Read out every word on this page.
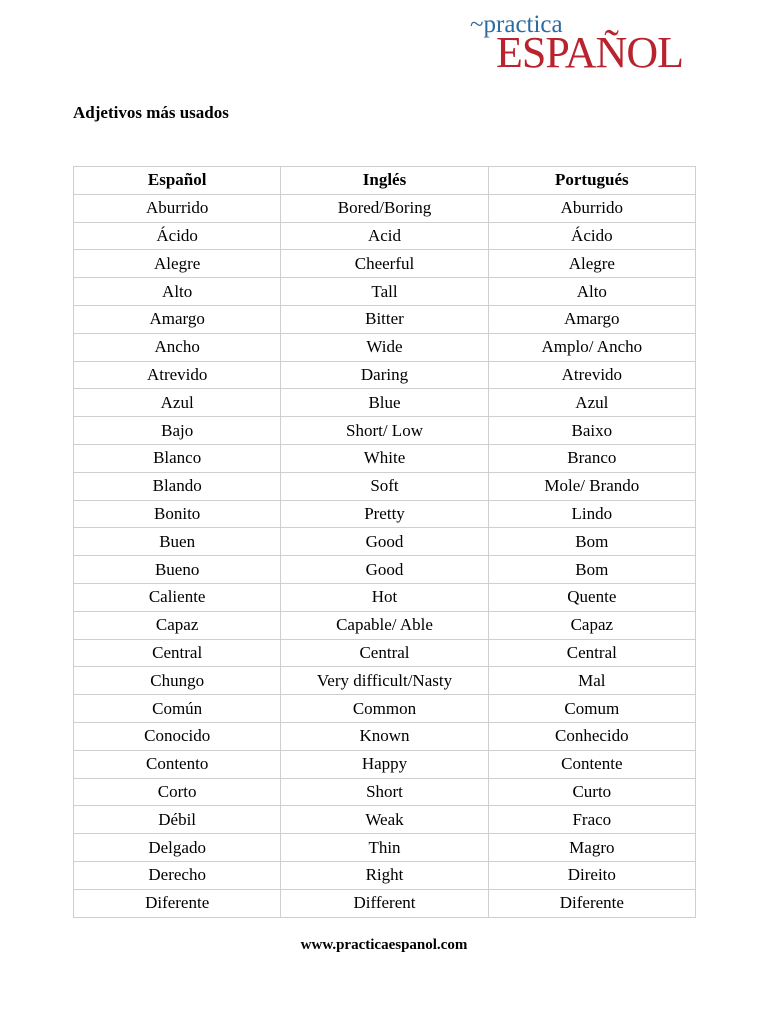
~practica
ESPAÑOL
Adjetivos más usados
Español	Inglés	Portugués
Aburrido	Bored/Boring	Aburrido
Ácido	Acid	Ácido
Alegre	Cheerful	Alegre
Alto	Tall	Alto
Amargo	Bitter	Amargo
Ancho	Wide	Amplo/ Ancho
Atrevido	Daring	Atrevido
Azul	Blue	Azul
Bajo	Short/ Low	Baixo
Blanco	White	Branco
Blando	Soft	Mole/ Brando
Bonito	Pretty	Lindo
Buen	Good	Bom
Bueno	Good	Bom
Caliente	Hot	Quente
Capaz	Capable/ Able	Capaz
Central	Central	Central
Chungo	Very difficult/Nasty	Mal
Común	Common	Comum
Conocido	Known	Conhecido
Contento	Happy	Contente
Corto	Short	Curto
Débil	Weak	Fraco
Delgado	Thin	Magro
Derecho	Right	Direito
Diferente	Different	Diferente
www.practicaespanol.com
